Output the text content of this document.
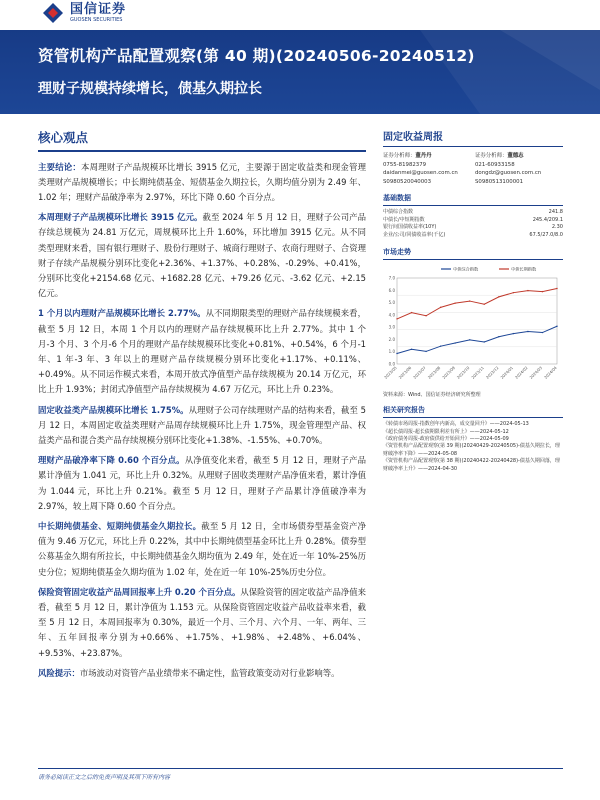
国信证券
GUOSEN SECURITIES
资管机构产品配置观察(第 40 期)(20240506-20240512)
理财子规模持续增长，债基久期拉长
核心观点
主要结论：本周理财子产品规模环比增长 3915 亿元，主要源于固定收益类和现金管理类理财产品规模增长；中长期纯债基金、短债基金久期拉长，久期均值分别为 2.49 年、1.02 年；理财产品破净率为 2.97%，环比下降 0.60 个百分点。
本周理财子产品规模环比增长 3915 亿元。截至 2024 年 5 月 12 日，理财子公司产品存续总规模为 24.81 万亿元，周规模环比上升 1.60%，环比增加 3915 亿元。从不同类型理财来看，国有银行理财子、股份行理财子、城商行理财子、农商行理财子、合资理财子存续产品规模分别环比变化+2.36%、+1.37%、+0.28%、-0.29%、+0.41%，分别环比变化+2154.68 亿元、+1682.28 亿元、+79.26 亿元、-3.62 亿元、+2.15 亿元。
1 个月以内理财产品规模环比增长 2.77%。从不同期限类型的理财产品存续规模来看，截至 5 月 12 日，本周 1 个月以内的理财产品存续规模环比上升 2.77%。其中 1 个月-3 个月、3 个月-6 个月的理财产品存续规模环比变化+0.81%、+0.54%，6 个月-1 年、1 年-3 年、3 年以上的理财产品存续规模分别环比变化+1.17%、+0.11%、+0.49%。从不同运作模式来看，本周开放式净值型产品存续规模为 20.14 万亿元，环比上升 1.93%；封闭式净值型产品存续规模为 4.67 万亿元，环比上升 0.23%。
固定收益类产品规模环比增长 1.75%。从理财子公司存续理财产品的结构来看，截至 5 月 12 日，本周固定收益类理财产品周存续规模环比上升 1.75%，现金管理型产品、权益类产品和混合类产品存续规模分别环比变化+1.38%、-1.55%、+0.70%。
理财产品破净率下降 0.60 个百分点。从净值变化来看，截至 5 月 12 日，理财子产品累计净值为 1.041 元，环比上升 0.32%。从理财子固收类理财产品净值来看，累计净值为 1.044 元，环比上升 0.21%。截至 5 月 12 日，理财子产品累计净值破净率为 2.97%，较上周下降 0.60 个百分点。
中长期纯债基金、短期纯债基金久期拉长。截至 5 月 12 日，全市场债券型基金资产净值为 9.46 万亿元，环比上升 0.22%，其中中长期纯债型基金环比上升 0.28%。债券型公募基金久期有所拉长，中长期纯债基金久期均值为 2.49 年，处在近一年 10%-25%历史分位；短期纯债基金久期均值为 1.02 年，处在近一年 10%-25%历史分位。
保险资管固定收益产品周回报率上升 0.20 个百分点。从保险资管的固定收益产品净值来看，截至 5 月 12 日，累计净值为 1.153 元。从保险资管固定收益产品收益率来看，截至 5 月 12 日，本周回报率为 0.30%，最近一个月、三个月、六个月、一年、两年、三年、五年回报率分别为+0.66%、+1.75%、+1.98%、+2.48%、+6.04%、+9.53%、+23.87%。
风险提示：市场波动对资管产品业绩带来不确定性，监管政策变动对行业影响等。
固定收益周报
证券分析师：董丹丹
0755-81982379
daidanmei@guosen.com.cn
S0980520040003
证券分析师：董德志
021-60933158
dongdz@guosen.com.cn
S0980513100001
基础数据
中债综合指数	241.8
中债长/中短期指数	245.4/209.1
银行间国债收益率(10Y)	2.30
企业/公司/同债收益率(千亿)	67.5/27.0/8.0
市场走势
0.0
1.0
2.0
3.0
4.0
5.0
6.0
7.0
中债综合指数	中债长期指数
2023/05 2023/06 2023/07 2023/08 2023/09 2023/10 2023/11 2023/12 2024/01 2024/02 2024/03 2024/04
资料来源：Wind、国信证券经济研究所整理
相关研究报告
《转债市场周报-指数创年内新高，成交量回升》——2024-05-13
《超长债周报-超长债期限利差有所上》——2024-05-12
《政府债务周报-政府债供给开始回升》——2024-05-09
《资管机构产品配置观察(第 39 期)(20240429-20240505)-债基久期拉长，理财破净率下降》——2024-05-08
《资管机构产品配置观察(第 38 期)(20240422-20240428)-债基久期回落，理财破净率上升》——2024-04-30
请务必阅读正文之后的免责声明及其项下所有内容
